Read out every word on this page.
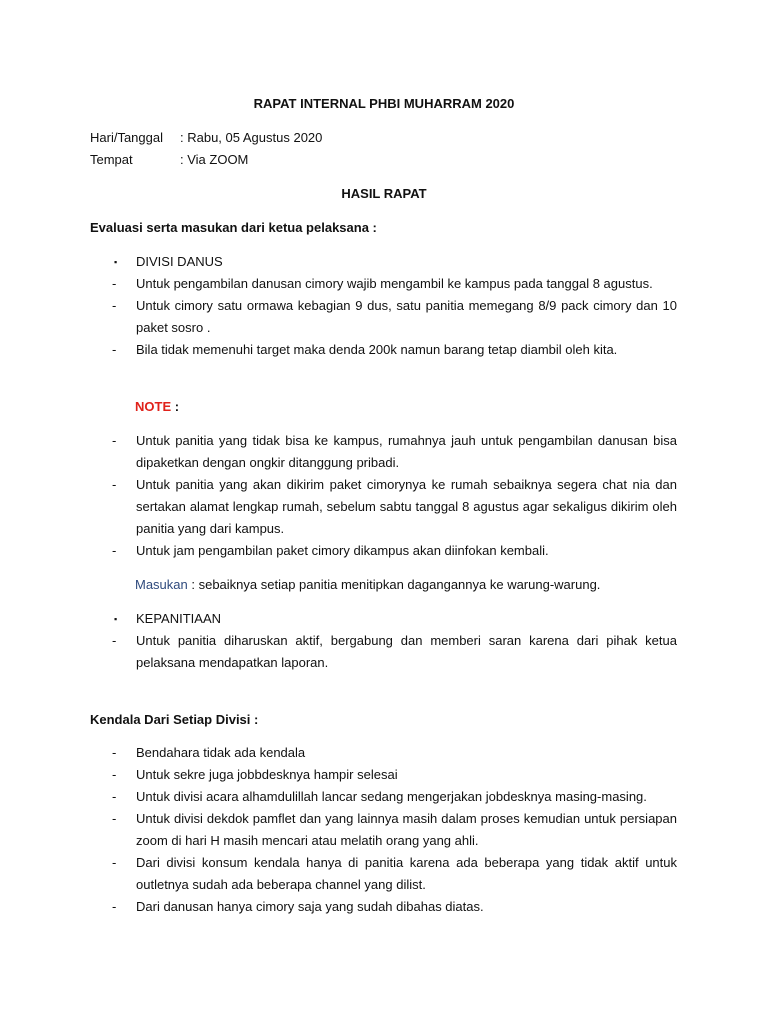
RAPAT INTERNAL PHBI MUHARRAM 2020
Hari/Tanggal	: Rabu, 05 Agustus 2020
Tempat	: Via ZOOM
HASIL RAPAT
Evaluasi serta masukan dari ketua pelaksana :
▪ DIVISI DANUS
- Untuk pengambilan danusan cimory wajib mengambil ke kampus pada tanggal 8 agustus.
- Untuk cimory satu ormawa kebagian 9 dus, satu panitia memegang 8/9 pack cimory dan 10 paket sosro .
- Bila tidak memenuhi target maka denda 200k namun barang tetap diambil oleh kita.
NOTE :
- Untuk panitia yang tidak bisa ke kampus, rumahnya jauh untuk pengambilan danusan bisa dipaketkan dengan ongkir ditanggung pribadi.
- Untuk panitia yang akan dikirim paket cimorynya ke rumah sebaiknya segera chat nia dan sertakan alamat lengkap rumah, sebelum sabtu tanggal 8 agustus agar sekaligus dikirim oleh panitia yang dari kampus.
- Untuk jam pengambilan paket cimory dikampus akan diinfokan kembali.
Masukan : sebaiknya setiap panitia menitipkan dagangannya ke warung-warung.
▪ KEPANITIAAN
- Untuk panitia diharuskan aktif, bergabung dan memberi saran karena dari pihak ketua pelaksana mendapatkan laporan.
Kendala Dari Setiap Divisi :
- Bendahara tidak ada kendala
- Untuk sekre juga jobbdesknya hampir selesai
- Untuk divisi acara alhamdulillah lancar sedang mengerjakan jobdesknya masing-masing.
- Untuk divisi dekdok pamflet dan yang lainnya masih dalam proses kemudian untuk persiapan zoom di hari H masih mencari atau melatih orang yang ahli.
- Dari divisi konsum kendala hanya di panitia karena ada beberapa yang tidak aktif untuk outletnya sudah ada beberapa channel yang dilist.
- Dari danusan hanya cimory saja yang sudah dibahas diatas.
